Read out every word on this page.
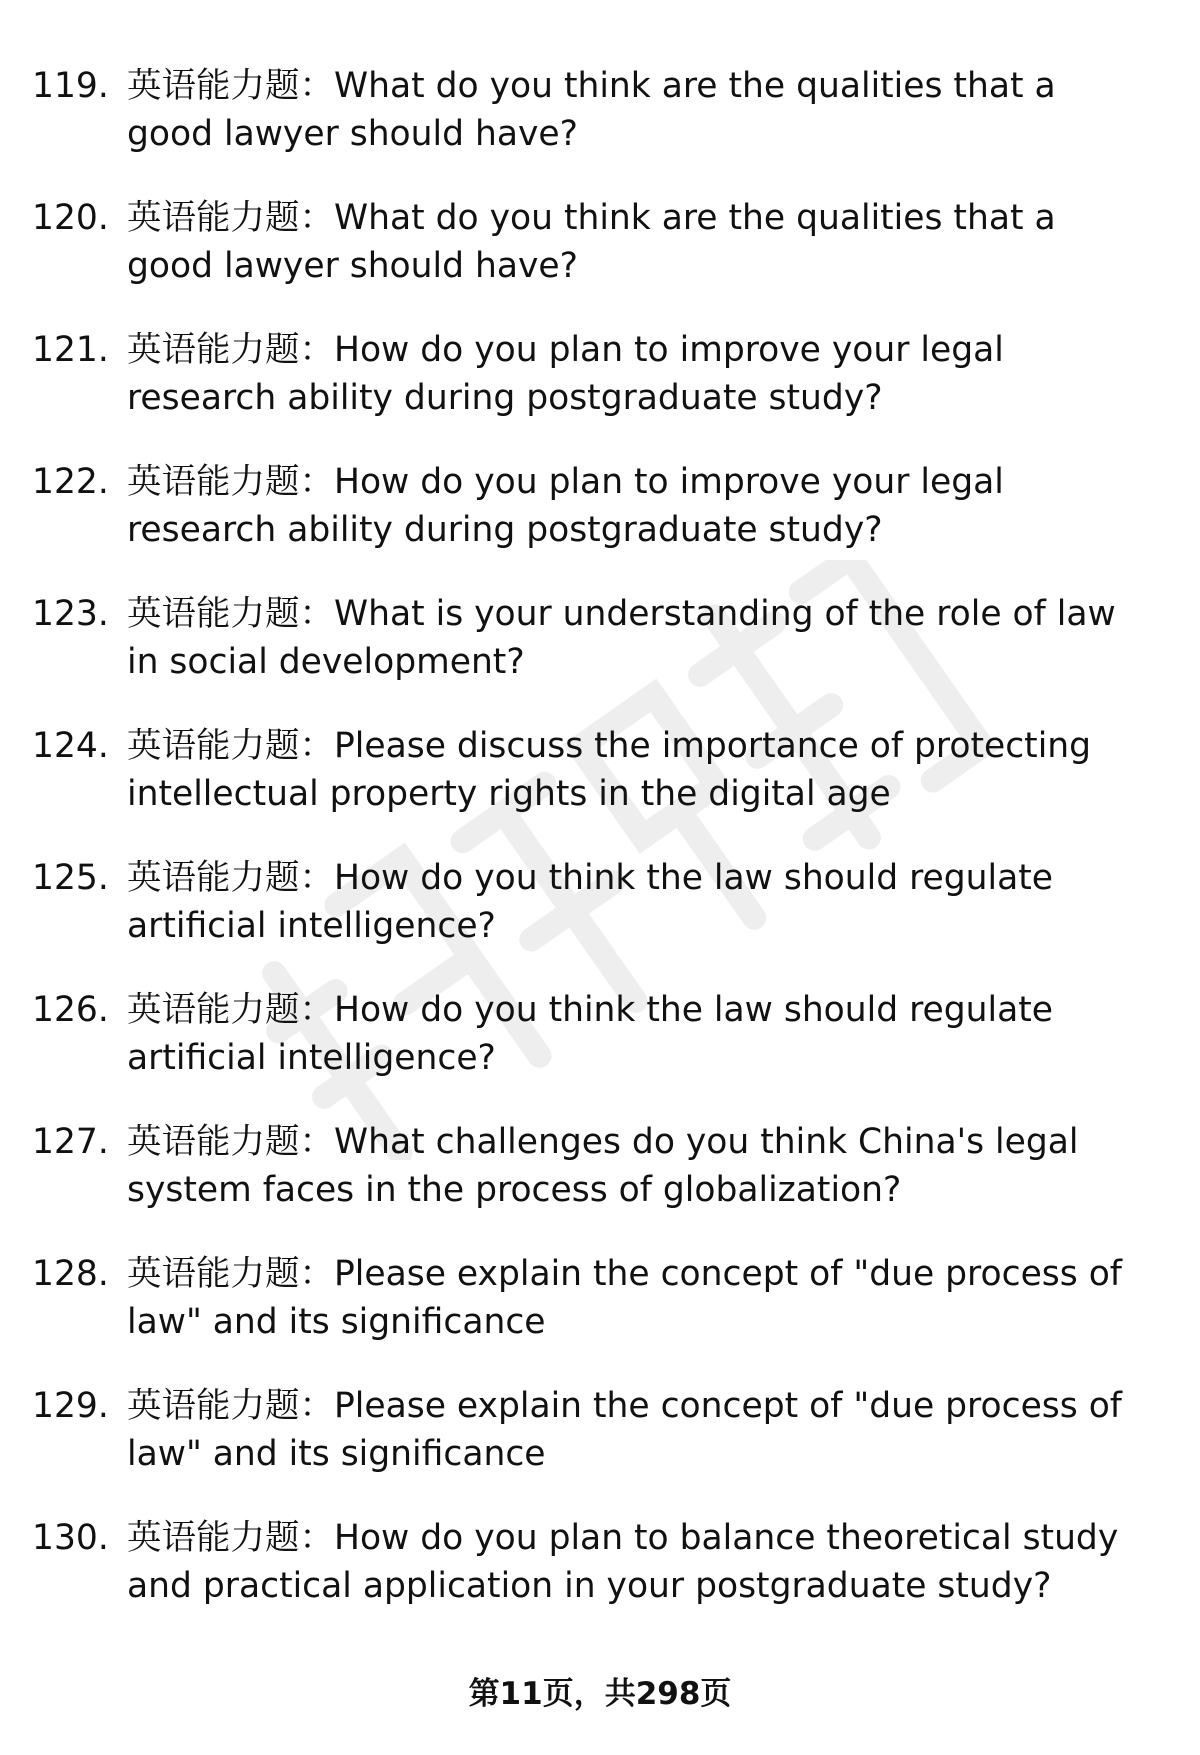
119. 英语能力题：What do you think are the qualities that a
good lawyer should have?
120. 英语能力题：What do you think are the qualities that a
good lawyer should have?
121. 英语能力题：How do you plan to improve your legal
research ability during postgraduate study?
122. 英语能力题：How do you plan to improve your legal
research ability during postgraduate study?
123. 英语能力题：What is your understanding of the role of law
in social development?
124. 英语能力题：Please discuss the importance of protecting
intellectual property rights in the digital age
125. 英语能力题：How do you think the law should regulate
artificial intelligence?
126. 英语能力题：How do you think the law should regulate
artificial intelligence?
127. 英语能力题：What challenges do you think China's legal
system faces in the process of globalization?
128. 英语能力题：Please explain the concept of "due process of
law" and its significance
129. 英语能力题：Please explain the concept of "due process of
law" and its significance
130. 英语能力题：How do you plan to balance theoretical study
and practical application in your postgraduate study?
第11页，共298页
